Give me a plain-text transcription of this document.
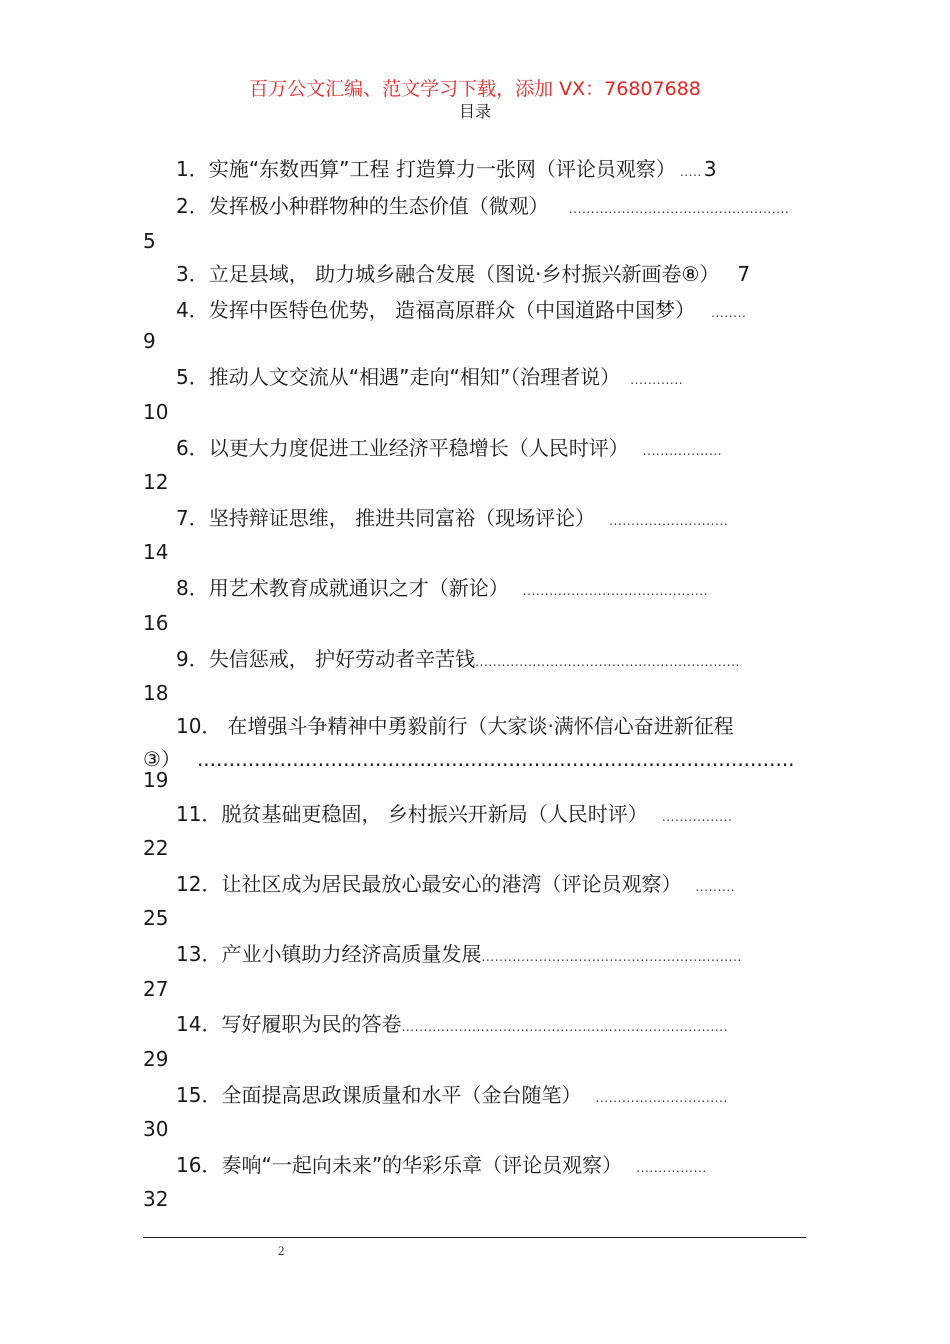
百万公文汇编、范文学习下载，添加 VX：76807688
目录
1． 实施“东数西算”工程 打造算力一张网（评论员观察） ..... 3
2． 发挥极小种群物种的生态价值（微观） ..................................................
5
3． 立足县域， 助力城乡融合发展（图说·乡村振兴新画卷⑧） 7
4． 发挥中医特色优势， 造福高原群众（中国道路中国梦） ........
9
5． 推动人文交流从“相遇”走向“相知”（治理者说） ............
10
6． 以更大力度促进工业经济平稳增长（人民时评） ..................
12
7． 坚持辩证思维， 推进共同富裕（现场评论） ...........................
14
8． 用艺术教育成就通识之才（新论） ..........................................
16
9． 失信惩戒， 护好劳动者辛苦钱 ............................................................
18
10． 在增强斗争精神中勇毅前行（大家谈·满怀信心奋进新征程
③） ..............................................................................................
19
11． 脱贫基础更稳固， 乡村振兴开新局（人民时评） ................
22
12． 让社区成为居民最放心最安心的港湾（评论员观察） .........
25
13． 产业小镇助力经济高质量发展 ...........................................................
27
14． 写好履职为民的答卷 ..........................................................................
29
15． 全面提高思政课质量和水平（金台随笔） ..............................
30
16． 奏响“一起向未来”的华彩乐章（评论员观察） ................
32
2
